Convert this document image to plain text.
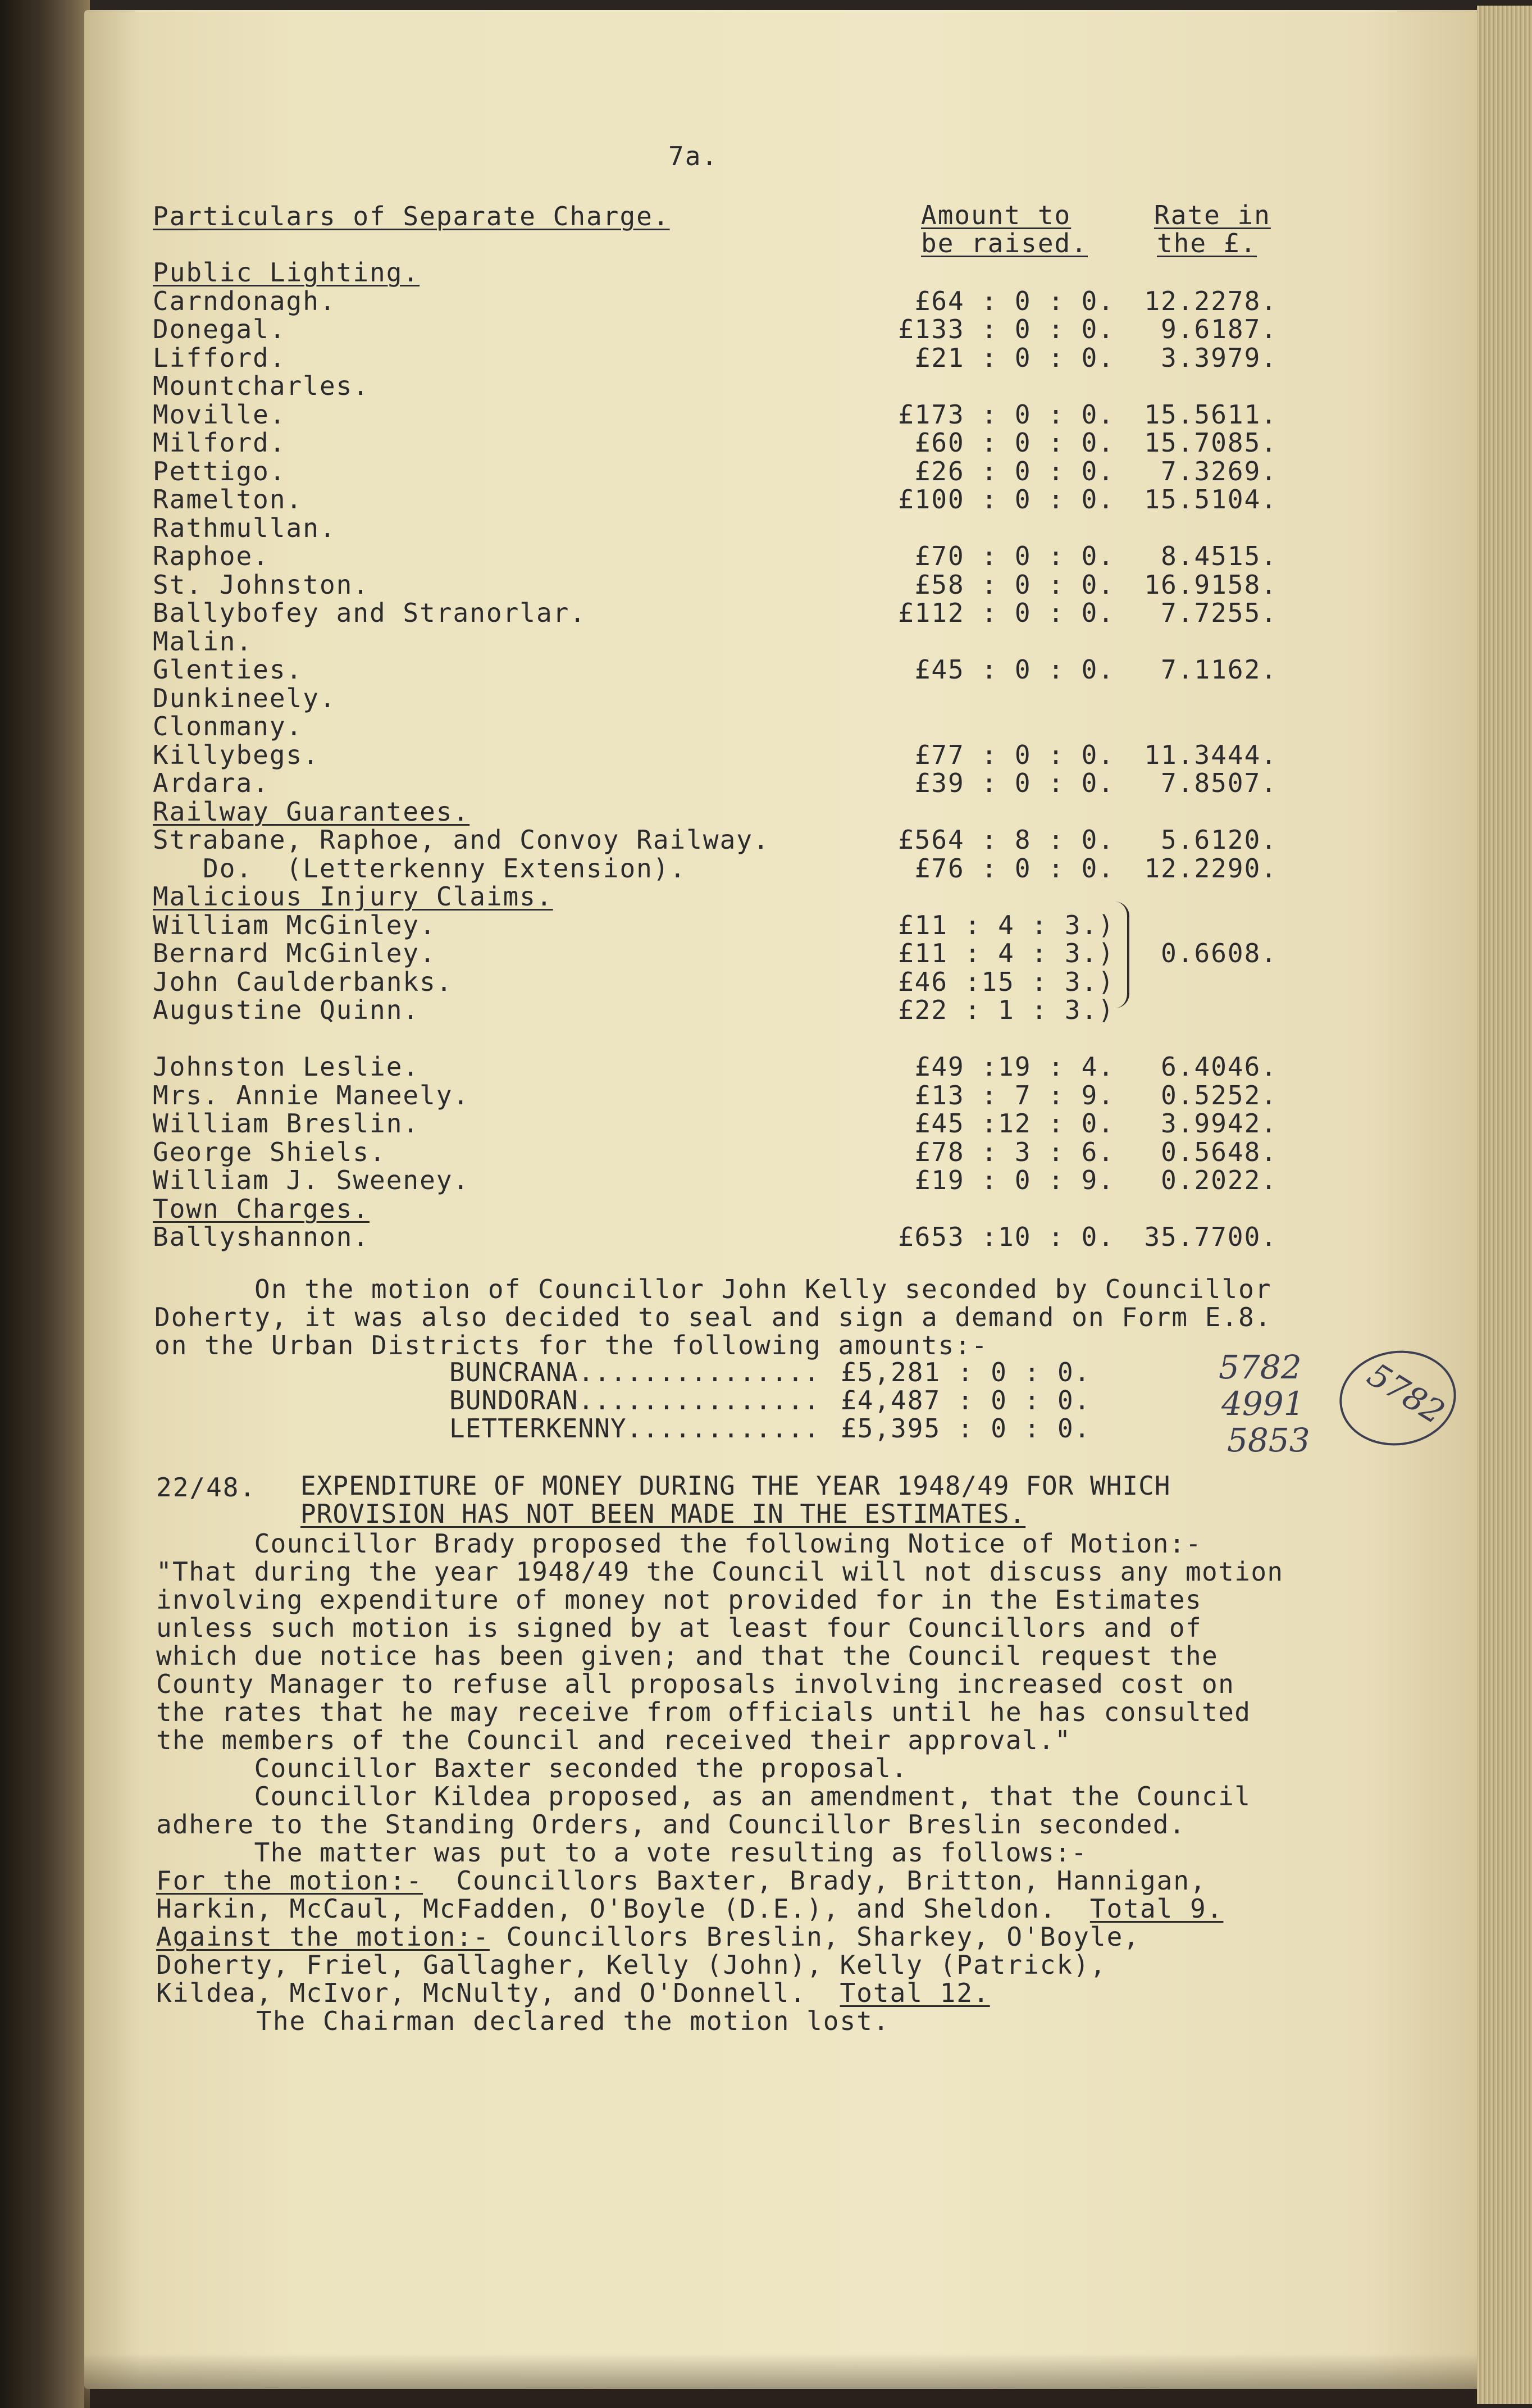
7a.
Particulars of Separate Charge.	Amount to
be raised.
Rate in
the £.
Public Lighting.
Carndonagh.	£64 : 0 : 0. 12.2278.
Donegal.	£133 : 0 : 0. 9.6187.
Lifford.	£21 : 0 : 0. 3.3979.
Mountcharles.
Moville.	£173 : 0 : 0. 15.5611.
Milford.	£60 : 0 : 0. 15.7085.
Pettigo.	£26 : 0 : 0. 7.3269.
Ramelton.	£100 : 0 : 0. 15.5104.
Rathmullan.
Raphoe.	£70 : 0 : 0. 8.4515.
St. Johnston.	£58 : 0 : 0. 16.9158.
Ballybofey and Stranorlar.	£112 : 0 : 0. 7.7255.
Malin.
Glenties.	£45 : 0 : 0. 7.1162.
Dunkineely.
Clonmany.
Killybegs.	£77 : 0 : 0. 11.3444.
Ardara.	£39 : 0 : 0. 7.8507.
Railway Guarantees.
Strabane, Raphoe, and Convoy Railway.	£564 : 8 : 0. 5.6120.
Do.  (Letterkenny Extension).	£76 : 0 : 0. 12.2290.
Malicious Injury Claims.
William McGinley.	£11 : 4 : 3.)
Bernard McGinley.	£11 : 4 : 3.) 0.6608.
John Caulderbanks.	£46 :15 : 3.)
Augustine Quinn.	£22 : 1 : 3.)
Johnston Leslie.	£49 :19 : 4. 6.4046.
Mrs. Annie Maneely.	£13 : 7 : 9. 0.5252.
William Breslin.	£45 :12 : 0. 3.9942.
George Shiels.	£78 : 3 : 6. 0.5648.
William J. Sweeney.	£19 : 0 : 9. 0.2022.
Town Charges.
Ballyshannon.	£653 :10 : 0. 35.7700.
On the motion of Councillor John Kelly seconded by Councillor
Doherty, it was also decided to seal and sign a demand on Form E.8.
on the Urban Districts for the following amounts:-
BUNCRANA............... £5,281 : 0 : 0.
BUNDORAN............... £4,487 : 0 : 0.
LETTERKENNY............ £5,395 : 0 : 0.
5782
4991
5853
5782
22/48. EXPENDITURE OF MONEY DURING THE YEAR 1948/49 FOR WHICH
PROVISION HAS NOT BEEN MADE IN THE ESTIMATES.
Councillor Brady proposed the following Notice of Motion:-
"That during the year 1948/49 the Council will not discuss any motion
involving expenditure of money not provided for in the Estimates
unless such motion is signed by at least four Councillors and of
which due notice has been given; and that the Council request the
County Manager to refuse all proposals involving increased cost on
the rates that he may receive from officials until he has consulted
the members of the Council and received their approval."
Councillor Baxter seconded the proposal.
Councillor Kildea proposed, as an amendment, that the Council
adhere to the Standing Orders, and Councillor Breslin seconded.
The matter was put to a vote resulting as follows:-
For the motion:-  Councillors Baxter, Brady, Britton, Hannigan,
Harkin, McCaul, McFadden, O'Boyle (D.E.), and Sheldon. Total 9.
Against the motion:- Councillors Breslin, Sharkey, O'Boyle,
Doherty, Friel, Gallagher, Kelly (John), Kelly (Patrick),
Kildea, McIvor, McNulty, and O'Donnell. Total 12.
The Chairman declared the motion lost.
